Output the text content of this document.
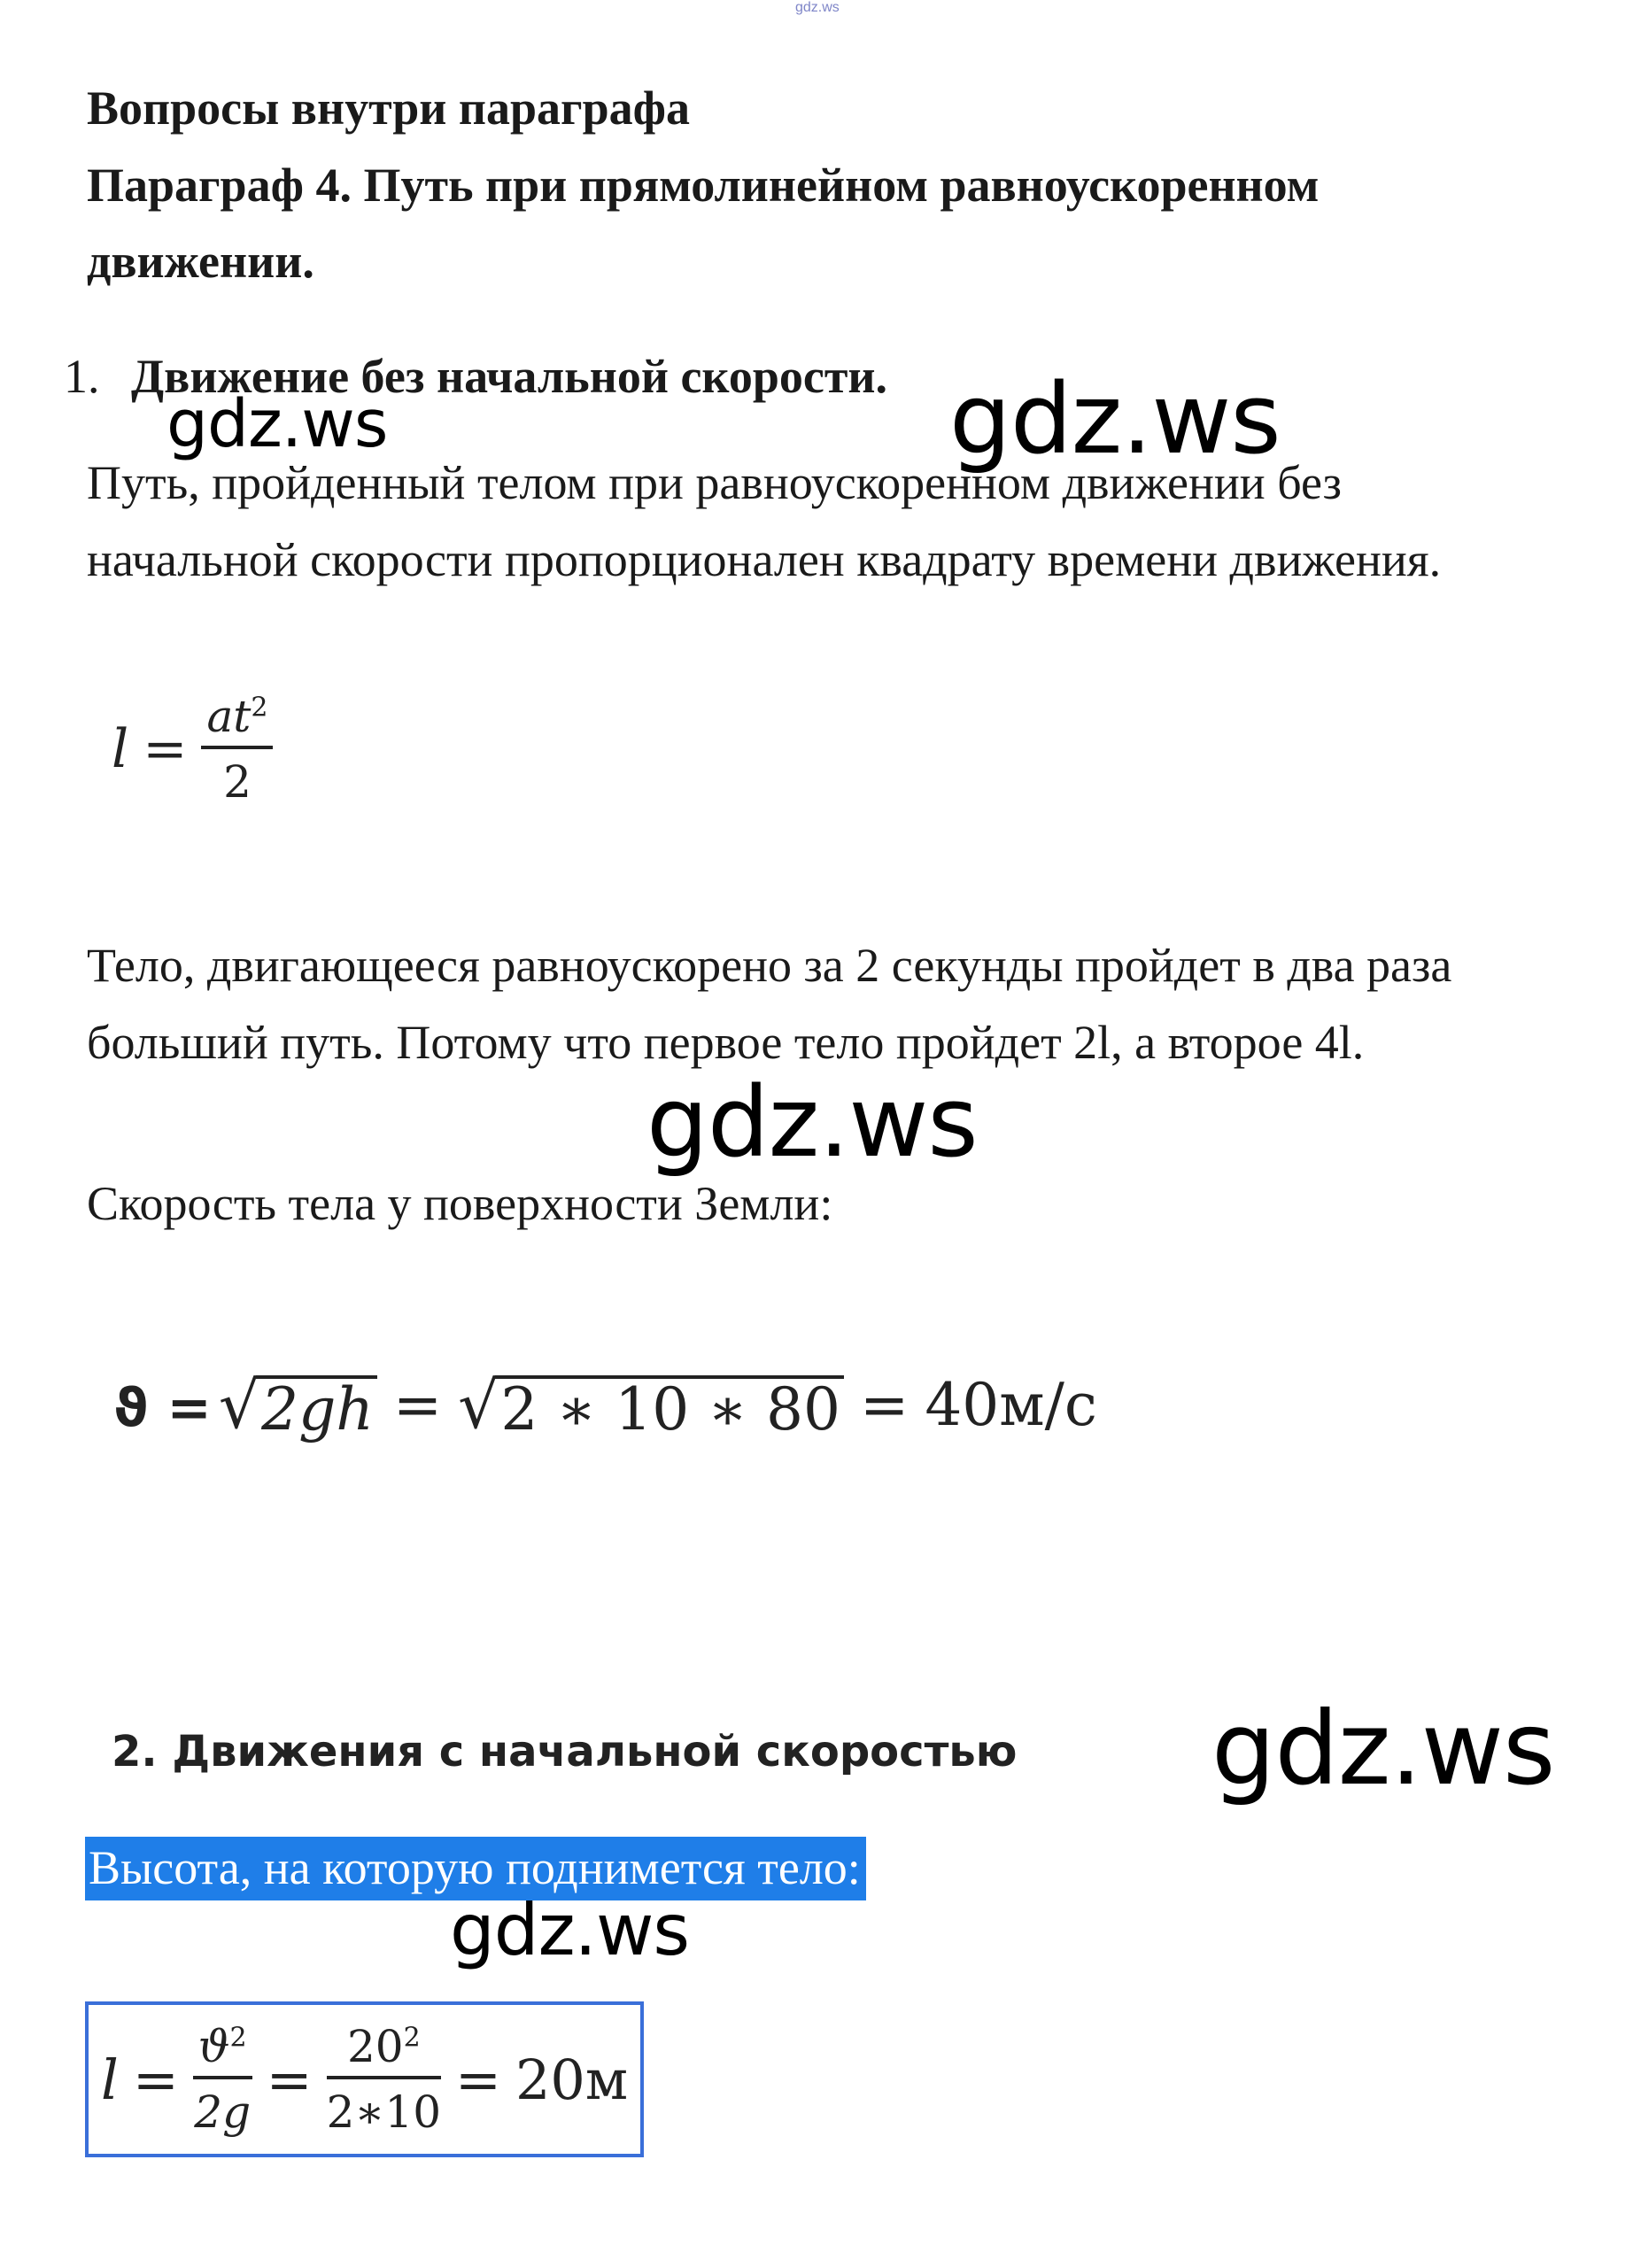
gdz.ws
Вопросы внутри параграфа
Параграф 4. Путь при прямолинейном равноускоренном
движении.
1. Движение без начальной скорости.
gdz.ws	gdz.ws
Путь, пройденный телом при равноускоренном движении без
начальной скорости пропорционален квадрату времени движения.
$l = \frac{at^2}{2}$
Тело, двигающееся равноускорено за 2 секунды пройдет в два раза
больший путь. Потому что первое тело пройдет 2l, а второе 4l.
gdz.ws
Скорость тела у поверхности Земли:
ϑ = √ 2gh = √ 2 ∗ 10 ∗ 80 = 40м/с
2. Движения с начальной скоростью gdz.ws
Высота, на которую поднимется тело:
gdz.ws
$l = \frac{ϑ^2}{2g} = \frac{20^2}{2∗10} = 20м$
